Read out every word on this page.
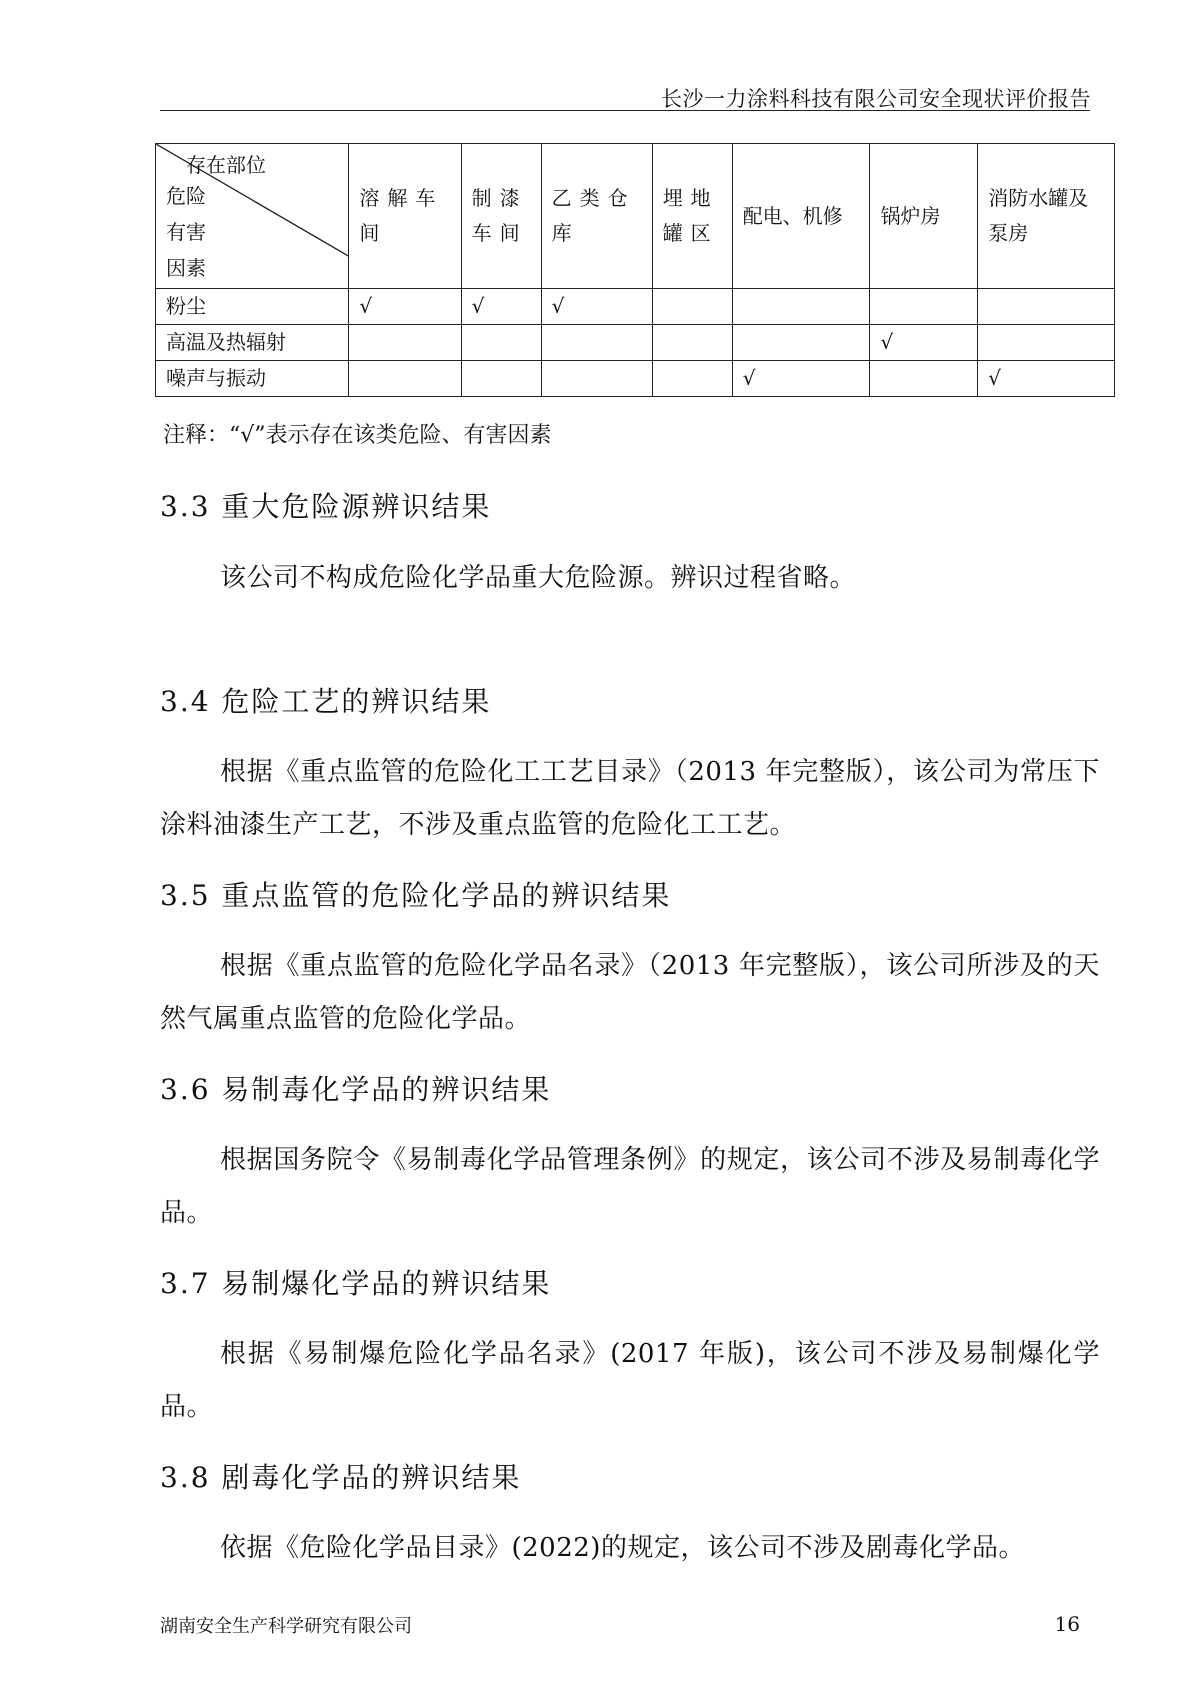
长沙一力涂料科技有限公司安全现状评价报告
存在部位
危险
有害
因素	溶解车间	制漆车间	乙类仓库	埋地罐区	配电、机修	锅炉房	消防水罐及泵房

粉尘	√	√	√				
高温及热辐射						√	
噪声与振动					√		√
注释：“√”表示存在该类危险、有害因素
3.3 重大危险源辨识结果
该公司不构成危险化学品重大危险源。辨识过程省略。
3.4 危险工艺的辨识结果
根据《重点监管的危险化工工艺目录》（2013 年完整版），该公司为常压下涂料油漆生产工艺，不涉及重点监管的危险化工工艺。
3.5 重点监管的危险化学品的辨识结果
根据《重点监管的危险化学品名录》（2013 年完整版），该公司所涉及的天然气属重点监管的危险化学品。
3.6 易制毒化学品的辨识结果
根据国务院令《易制毒化学品管理条例》的规定，该公司不涉及易制毒化学品。
3.7 易制爆化学品的辨识结果
根据《易制爆危险化学品名录》(2017 年版)，该公司不涉及易制爆化学品。
3.8 剧毒化学品的辨识结果
依据《危险化学品目录》(2022)的规定，该公司不涉及剧毒化学品。
湖南安全生产科学研究有限公司	16
